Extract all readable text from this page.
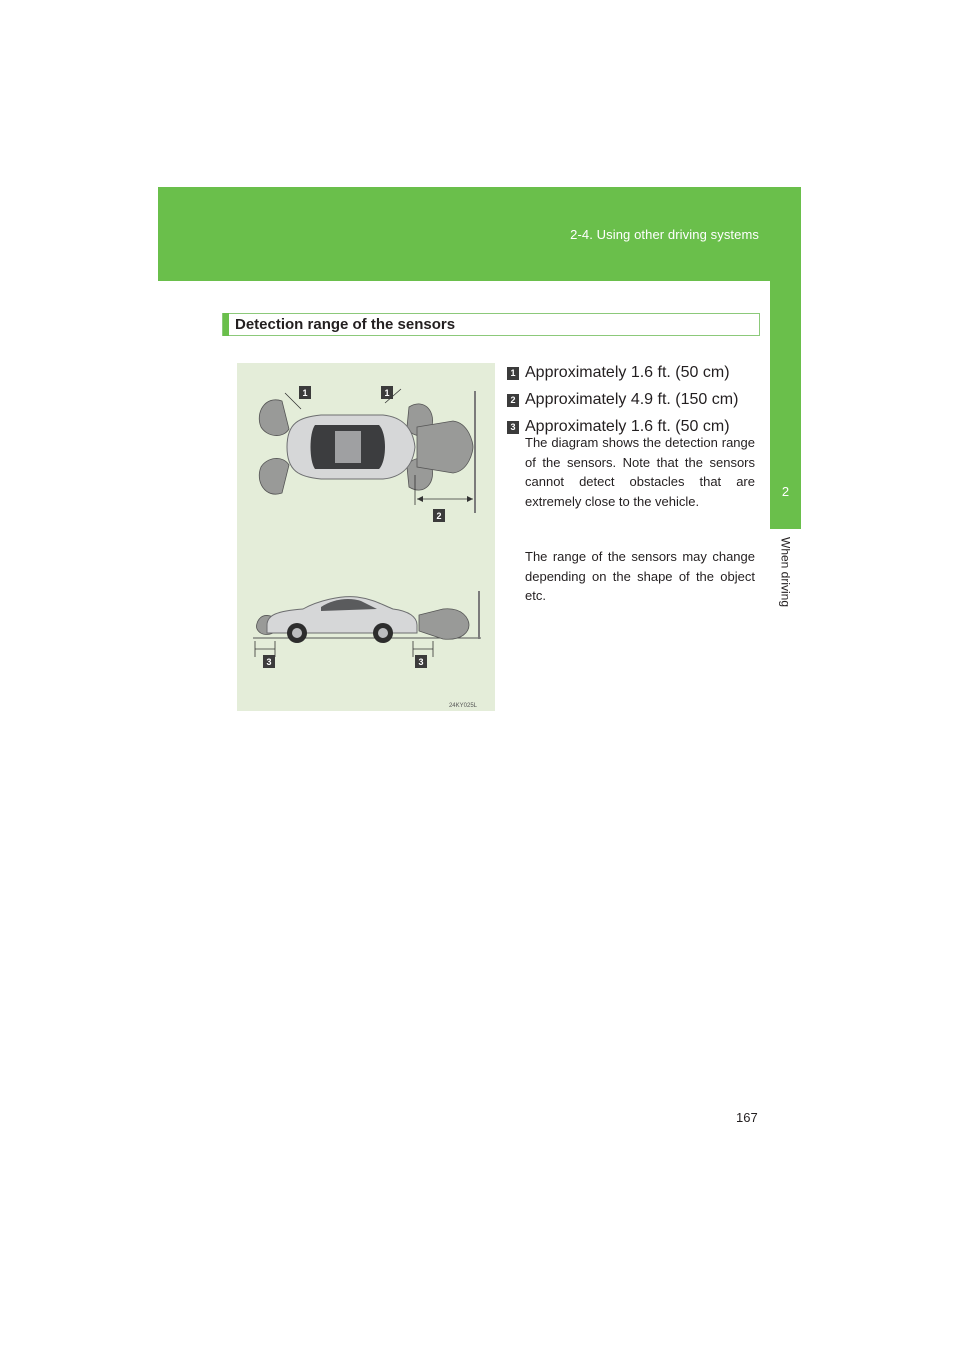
2-4. Using other driving systems
2
When driving
Detection range of the sensors
1	1
2
3	3
24KY025L
1 Approximately 1.6 ft. (50 cm)
2 Approximately 4.9 ft. (150 cm)
3 Approximately 1.6 ft. (50 cm)

The diagram shows the detection range of the sensors. Note that the sensors cannot detect obstacles that are extremely close to the vehicle.

The range of the sensors may change depending on the shape of the object etc.

167
